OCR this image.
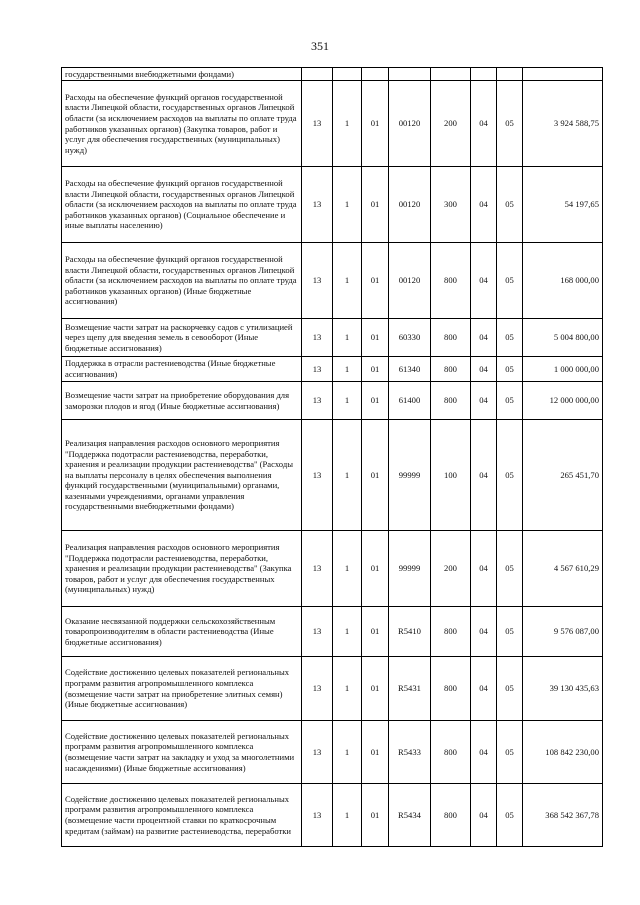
351
государственными внебюджетными фондами)								
Расходы на обеспечение функций органов государственной власти Липецкой области, государственных органов Липецкой области (за исключением расходов на выплаты по оплате труда работников указанных органов) (Закупка товаров, работ и услуг для обеспечения государственных (муниципальных) нужд)	13	1	01	00120	200	04	05	3 924 588,75
Расходы на обеспечение функций органов государственной власти Липецкой области, государственных органов Липецкой области (за исключением расходов на выплаты по оплате труда работников указанных органов) (Социальное обеспечение и иные выплаты населению)	13	1	01	00120	300	04	05	54 197,65
Расходы на обеспечение функций органов государственной власти Липецкой области, государственных органов Липецкой области (за исключением расходов на выплаты по оплате труда работников указанных органов) (Иные бюджетные ассигнования)	13	1	01	00120	800	04	05	168 000,00
Возмещение части затрат на раскорчевку садов с утилизацией через щепу для введения земель в севооборот (Иные бюджетные ассигнования)	13	1	01	60330	800	04	05	5 004 800,00
Поддержка в отрасли растениеводства (Иные бюджетные ассигнования)	13	1	01	61340	800	04	05	1 000 000,00
Возмещение части затрат на приобретение оборудования для заморозки плодов и ягод (Иные бюджетные ассигнования)	13	1	01	61400	800	04	05	12 000 000,00
Реализация направления расходов основного мероприятия "Поддержка подотрасли растениеводства, переработки, хранения и реализации продукции растениеводства" (Расходы на выплаты персоналу в целях обеспечения выполнения функций государственными (муниципальными) органами, казенными учреждениями, органами управления государственными внебюджетными фондами)	13	1	01	99999	100	04	05	265 451,70
Реализация направления расходов основного мероприятия "Поддержка подотрасли растениеводства, переработки, хранения и реализации продукции растениеводства" (Закупка товаров, работ и услуг для обеспечения государственных (муниципальных) нужд)	13	1	01	99999	200	04	05	4 567 610,29
Оказание несвязанной поддержки сельскохозяйственным товаропроизводителям в области растениеводства (Иные бюджетные ассигнования)	13	1	01	R5410	800	04	05	9 576 087,00
Содействие достижению целевых показателей региональных программ развития агропромышленного комплекса (возмещение части затрат на приобретение элитных семян) (Иные бюджетные ассигнования)	13	1	01	R5431	800	04	05	39 130 435,63
Содействие достижению целевых показателей региональных программ развития агропромышленного комплекса (возмещение части затрат на закладку и уход за многолетними насаждениями) (Иные бюджетные ассигнования)	13	1	01	R5433	800	04	05	108 842 230,00
Содействие достижению целевых показателей региональных программ развития агропромышленного комплекса (возмещение части процентной ставки по краткосрочным кредитам (займам) на развитие растениеводства, переработки	13	1	01	R5434	800	04	05	368 542 367,78
